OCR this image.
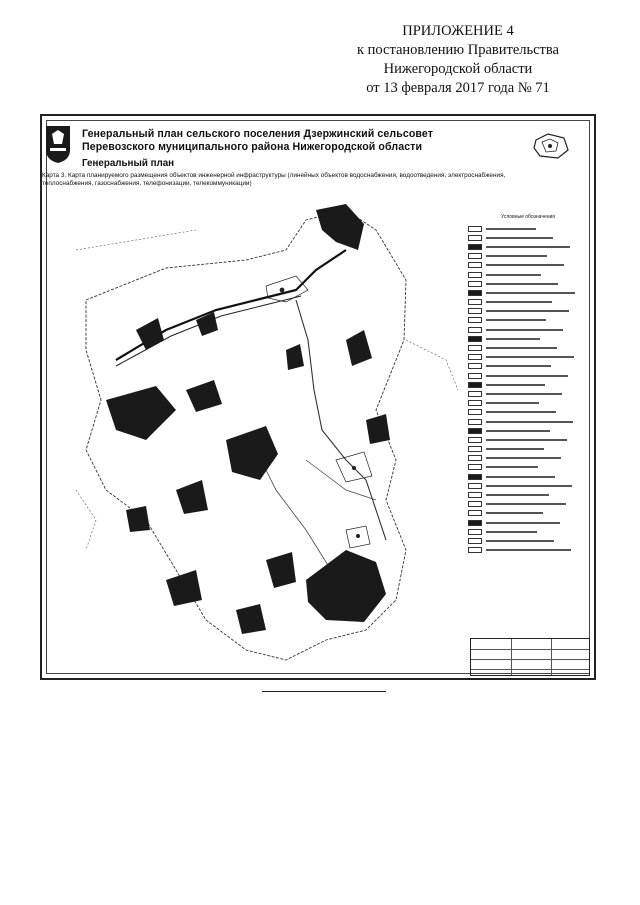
ПРИЛОЖЕНИЕ 4
к постановлению Правительства
Нижегородской области
от 13 февраля 2017 года № 71
Генеральный план сельского поселения Дзержинский сельсовет
Перевозского муниципального района Нижегородской области
Генеральный план
Карта 3. Карта планируемого размещения объектов инженерной инфраструктуры (линейных объектов водоснабжения, водоотведения, электроснабжения, теплоснабжения, газоснабжения, телефонизации, телекоммуникации)
Условные обозначения
